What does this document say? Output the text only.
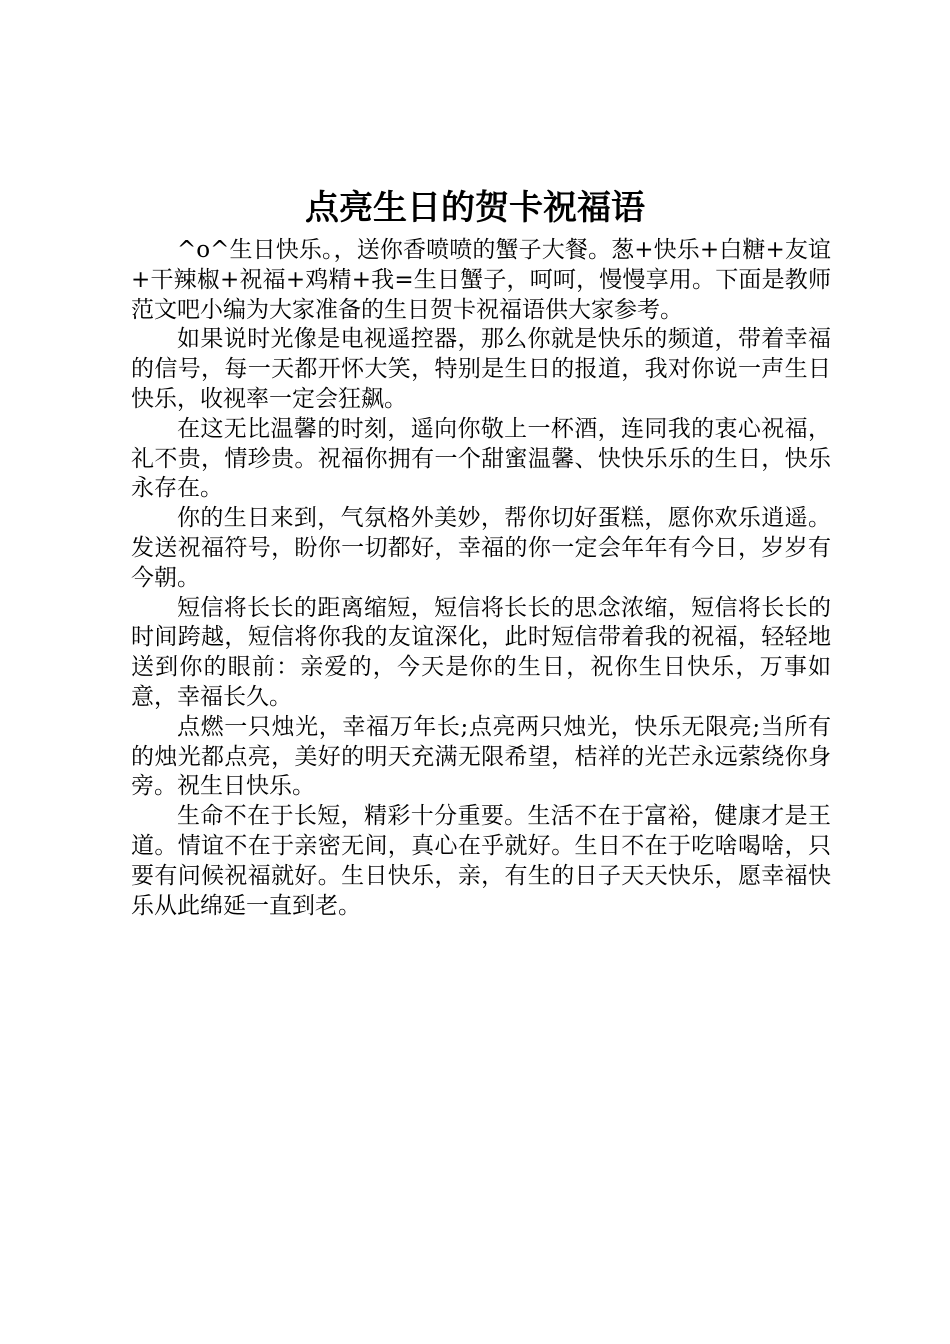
点亮生日的贺卡祝福语

^o^生日快乐。，送你香喷喷的蟹子大餐。葱+快乐+白糖+友谊+干辣椒+祝福+鸡精+我=生日蟹子，呵呵，慢慢享用。下面是教师范文吧小编为大家准备的生日贺卡祝福语供大家参考。

如果说时光像是电视遥控器，那么你就是快乐的频道，带着幸福的信号，每一天都开怀大笑，特别是生日的报道，我对你说一声生日快乐，收视率一定会狂飙。

在这无比温馨的时刻，遥向你敬上一杯酒，连同我的衷心祝福，礼不贵，情珍贵。祝福你拥有一个甜蜜温馨、快快乐乐的生日，快乐永存在。

你的生日来到，气氛格外美妙，帮你切好蛋糕，愿你欢乐逍遥。发送祝福符号，盼你一切都好，幸福的你一定会年年有今日，岁岁有今朝。

短信将长长的距离缩短，短信将长长的思念浓缩，短信将长长的时间跨越，短信将你我的友谊深化，此时短信带着我的祝福，轻轻地送到你的眼前：亲爱的，今天是你的生日，祝你生日快乐，万事如意，幸福长久。

点燃一只烛光，幸福万年长;点亮两只烛光，快乐无限亮;当所有的烛光都点亮，美好的明天充满无限希望，桔祥的光芒永远萦绕你身旁。祝生日快乐。

生命不在于长短，精彩十分重要。生活不在于富裕，健康才是王道。情谊不在于亲密无间，真心在乎就好。生日不在于吃啥喝啥，只要有问候祝福就好。生日快乐，亲，有生的日子天天快乐，愿幸福快乐从此绵延一直到老。
